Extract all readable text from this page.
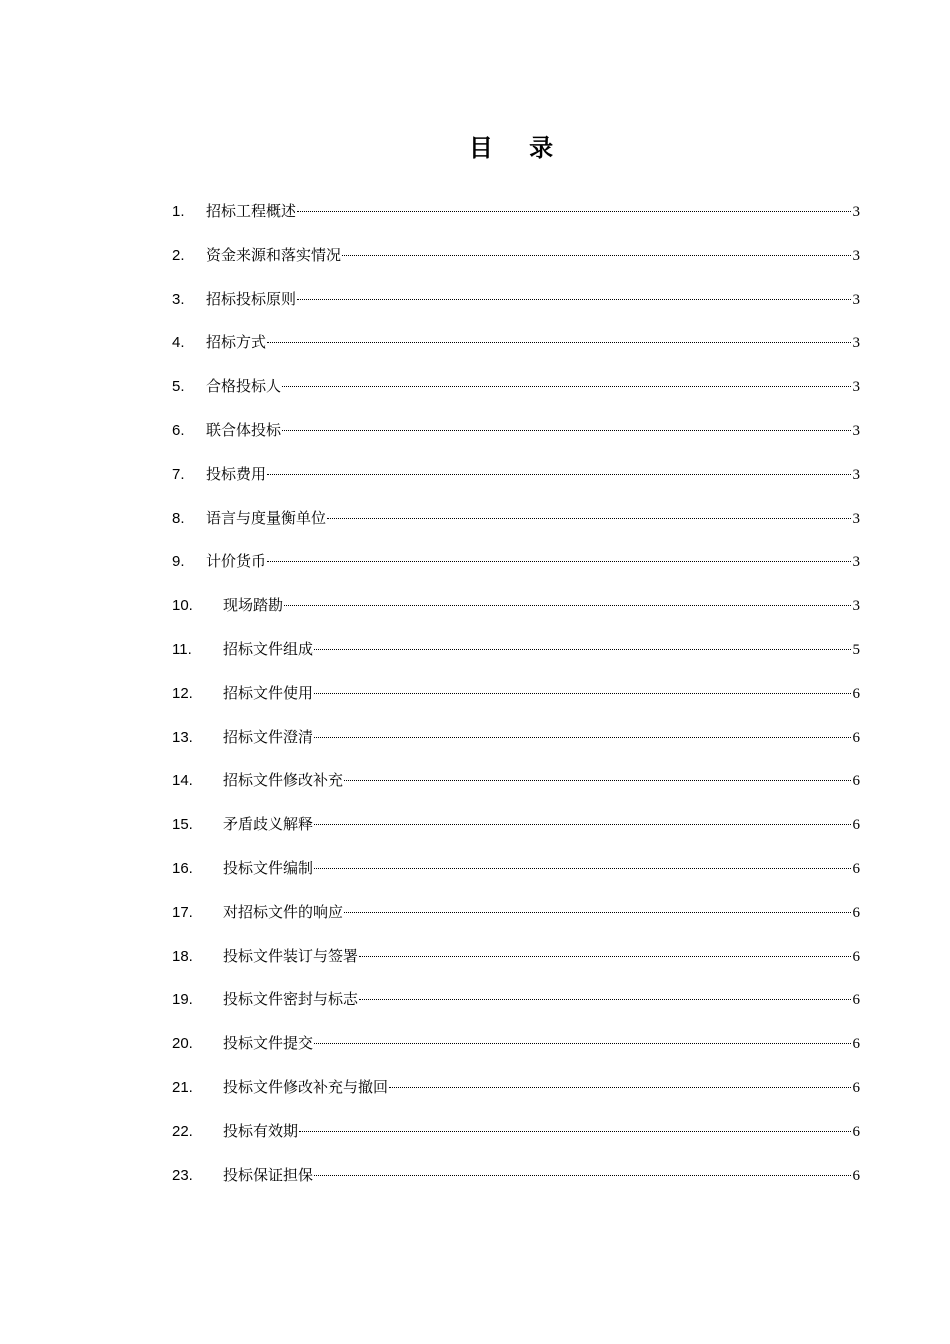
目 录
1.	招标工程概述	3
2.	资金来源和落实情况	3
3.	招标投标原则	3
4.	招标方式	3
5.	合格投标人	3
6.	联合体投标	3
7.	投标费用	3
8.	语言与度量衡单位	3
9.	计价货币	3
10.	现场踏勘	3
11.	招标文件组成	5
12.	招标文件使用	6
13.	招标文件澄清	6
14.	招标文件修改补充	6
15.	矛盾歧义解释	6
16.	投标文件编制	6
17.	对招标文件的响应	6
18.	投标文件装订与签署	6
19.	投标文件密封与标志	6
20.	投标文件提交	6
21.	投标文件修改补充与撤回	6
22.	投标有效期	6
23.	投标保证担保	6
